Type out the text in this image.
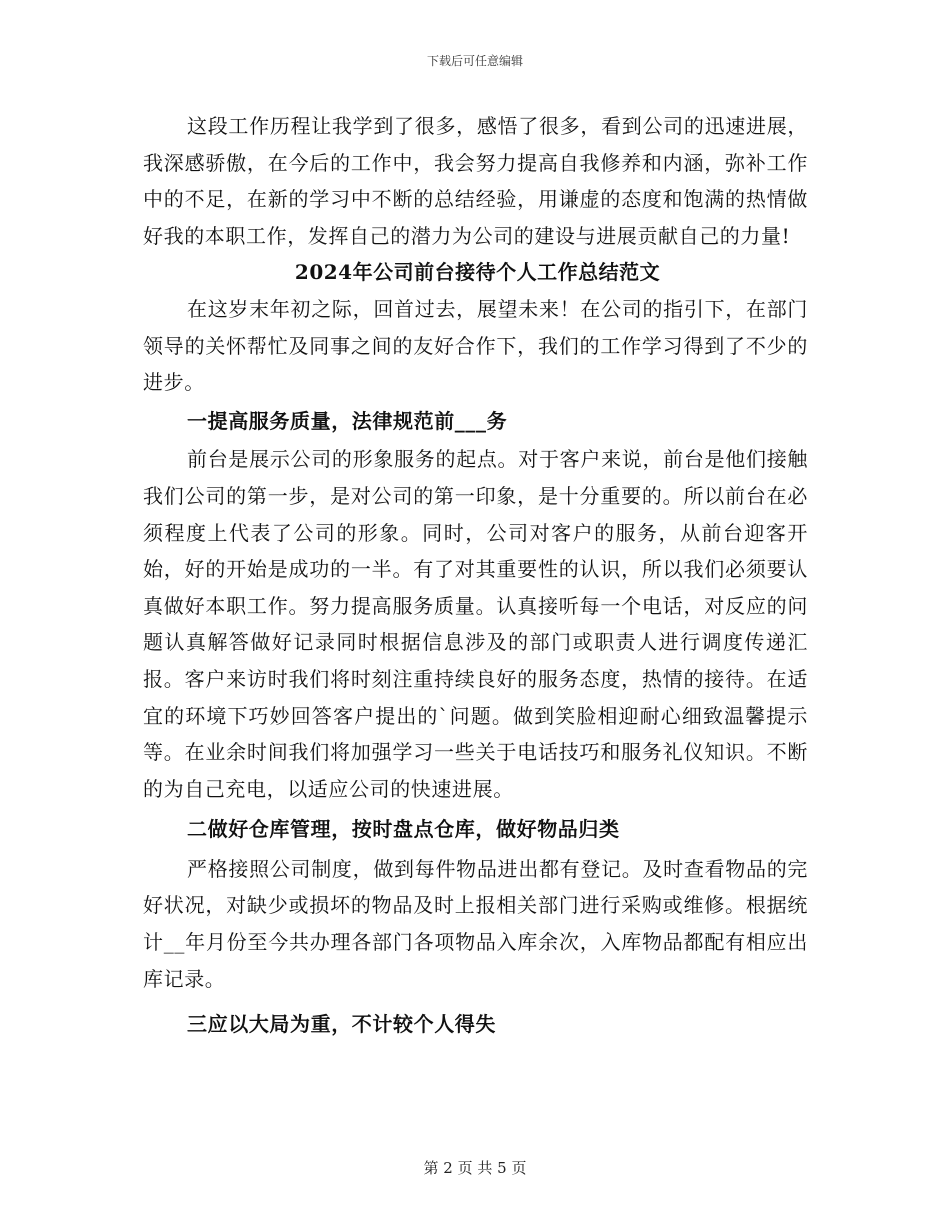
下载后可任意编辑

这段工作历程让我学到了很多，感悟了很多，看到公司的迅速进展，我深感骄傲，在今后的工作中，我会努力提高自我修养和内涵，弥补工作中的不足，在新的学习中不断的总结经验，用谦虚的态度和饱满的热情做好我的本职工作，发挥自己的潜力为公司的建设与进展贡献自己的力量!

2024年公司前台接待个人工作总结范文

在这岁末年初之际，回首过去，展望未来！在公司的指引下，在部门领导的关怀帮忙及同事之间的友好合作下，我们的工作学习得到了不少的进步。

一提高服务质量，法律规范前___务

前台是展示公司的形象服务的起点。对于客户来说，前台是他们接触我们公司的第一步，是对公司的第一印象，是十分重要的。所以前台在必须程度上代表了公司的形象。同时，公司对客户的服务，从前台迎客开始，好的开始是成功的一半。有了对其重要性的认识，所以我们必须要认真做好本职工作。努力提高服务质量。认真接听每一个电话，对反应的问题认真解答做好记录同时根据信息涉及的部门或职责人进行调度传递汇报。客户来访时我们将时刻注重持续良好的服务态度，热情的接待。在适宜的环境下巧妙回答客户提出的`问题。做到笑脸相迎耐心细致温馨提示等。在业余时间我们将加强学习一些关于电话技巧和服务礼仪知识。不断的为自己充电，以适应公司的快速进展。

二做好仓库管理，按时盘点仓库，做好物品归类

严格接照公司制度，做到每件物品进出都有登记。及时查看物品的完好状况，对缺少或损坏的物品及时上报相关部门进行采购或维修。根据统计__年月份至今共办理各部门各项物品入库余次，入库物品都配有相应出库记录。

三应以大局为重，不计较个人得失

第 2 页 共 5 页
